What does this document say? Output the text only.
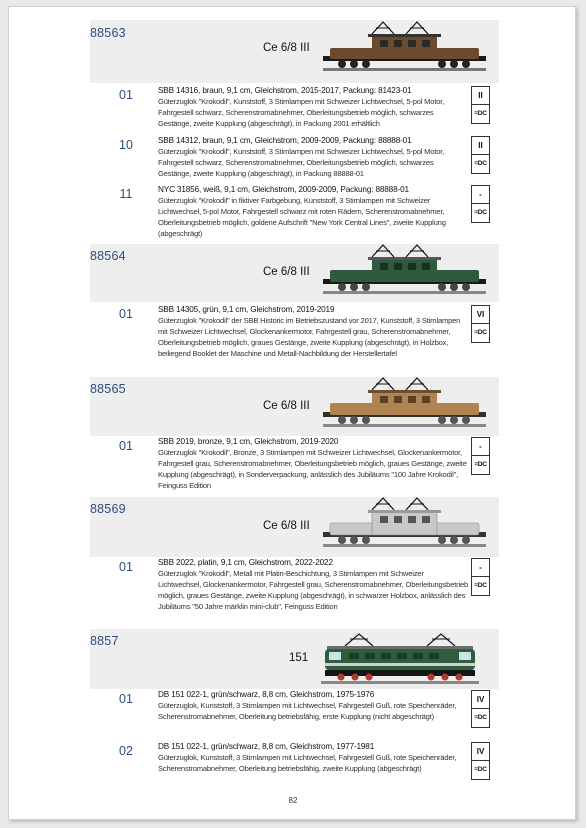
88563
Ce 6/8 III
01	SBB 14316, braun, 9,1 cm, Gleichstrom, 2015-2017, Packung: 81423-01
Güterzuglok "Krokodil", Kunststoff, 3 Stirnlampen mit Schweizer Lichtwechsel, 5-pol Motor, Fahrgestell schwarz, Scherenstromabnehmer, Oberleitungsbetrieb möglich, schwarzes Gestänge, zweite Kupplung (abgeschrägt), in Packung 2001 erhältlich
II
=DC
10	SBB 14312, braun, 9,1 cm, Gleichstrom, 2009-2009, Packung: 88888-01
Güterzuglok "Krokodil", Kunststoff, 3 Stirnlampen mit Schweizer Lichtwechsel, 5-pol Motor, Fahrgestell schwarz, Scherenstromabnehmer, Oberleitungsbetrieb möglich, schwarzes Gestänge, zweite Kupplung (abgeschrägt), in Packung 88888-01
II
=DC
11	NYC 31856, weiß, 9,1 cm, Gleichstrom, 2009-2009, Packung: 88888-01
Güterzuglok "Krokodil" in fiktiver Farbgebung, Kunststoff, 3 Stirnlampen mit Schweizer Lichtwechsel, 5-pol Motor, Fahrgestell schwarz mit roten Rädern, Scherenstromabnehmer, Oberleitungsbetrieb möglich, goldene Aufschrift "New York Central Lines", zweite Kupplung (abgeschrägt)
-
=DC
88564
Ce 6/8 III
01	SBB 14305, grün, 9,1 cm, Gleichstrom, 2019-2019
Güterzuglok "Krokodil" der SBB Historic im Betriebszustand vor 2017, Kunststoff, 3 Stirnlampen mit Schweizer Lichtwechsel, Glockenankermotor, Fahrgestell grau, Scherenstromabnehmer, Oberleitungsbetrieb möglich, graues Gestänge, zweite Kupplung (abgeschrägt), in Holzbox, beiliegend Booklet der Maschine und Metall-Nachbildung der Herstellertafel
VI
=DC
88565
Ce 6/8 III
01	SBB 2019, bronze, 9,1 cm, Gleichstrom, 2019-2020
Güterzuglok "Krokodil", Bronze, 3 Stirnlampen mit Schweizer Lichtwechsel, Glockenankermotor, Fahrgestell grau, Scherenstromabnehmer, Oberleitungsbetrieb möglich, graues Gestänge, zweite Kupplung (abgeschrägt), in Sonderverpackung, anlässlich des Jubiläums "100 Jahre Krokodil", Feinguss Edition
-
=DC
88569
Ce 6/8 III
01	SBB 2022, platin, 9,1 cm, Gleichstrom, 2022-2022
Güterzuglok "Krokodil", Metall mit Platin-Beschichtung, 3 Stirnlampen mit Schweizer Lichtwechsel, Glockenankermotor, Fahrgestell grau, Scherenstromabnehmer, Oberleitungsbetrieb möglich, graues Gestänge, zweite Kupplung (abgeschrägt), in schwarzer Holzbox, anlässlich des Jubiläums "50 Jahre märklin mini-club", Feinguss Edition
-
=DC
8857
151
01	DB 151 022-1, grün/schwarz, 8,8 cm, Gleichstrom, 1975-1976
Güterzuglok, Kunststoff, 3 Stirnlampen mit Lichtwechsel, Fahrgestell Guß, rote Speichenräder, Scherenstromabnehmer, Oberleitung betriebsfähig, erste Kupplung (nicht abgeschrägt)
IV
=DC
02	DB 151 022-1, grün/schwarz, 8,8 cm, Gleichstrom, 1977-1981
Güterzuglok, Kunststoff, 3 Stirnlampen mit Lichtwechsel, Fahrgestell Guß, rote Speichenräder, Scherenstromabnehmer, Oberleitung betriebsfähig, zweite Kupplung (abgeschrägt)
IV
=DC
82
